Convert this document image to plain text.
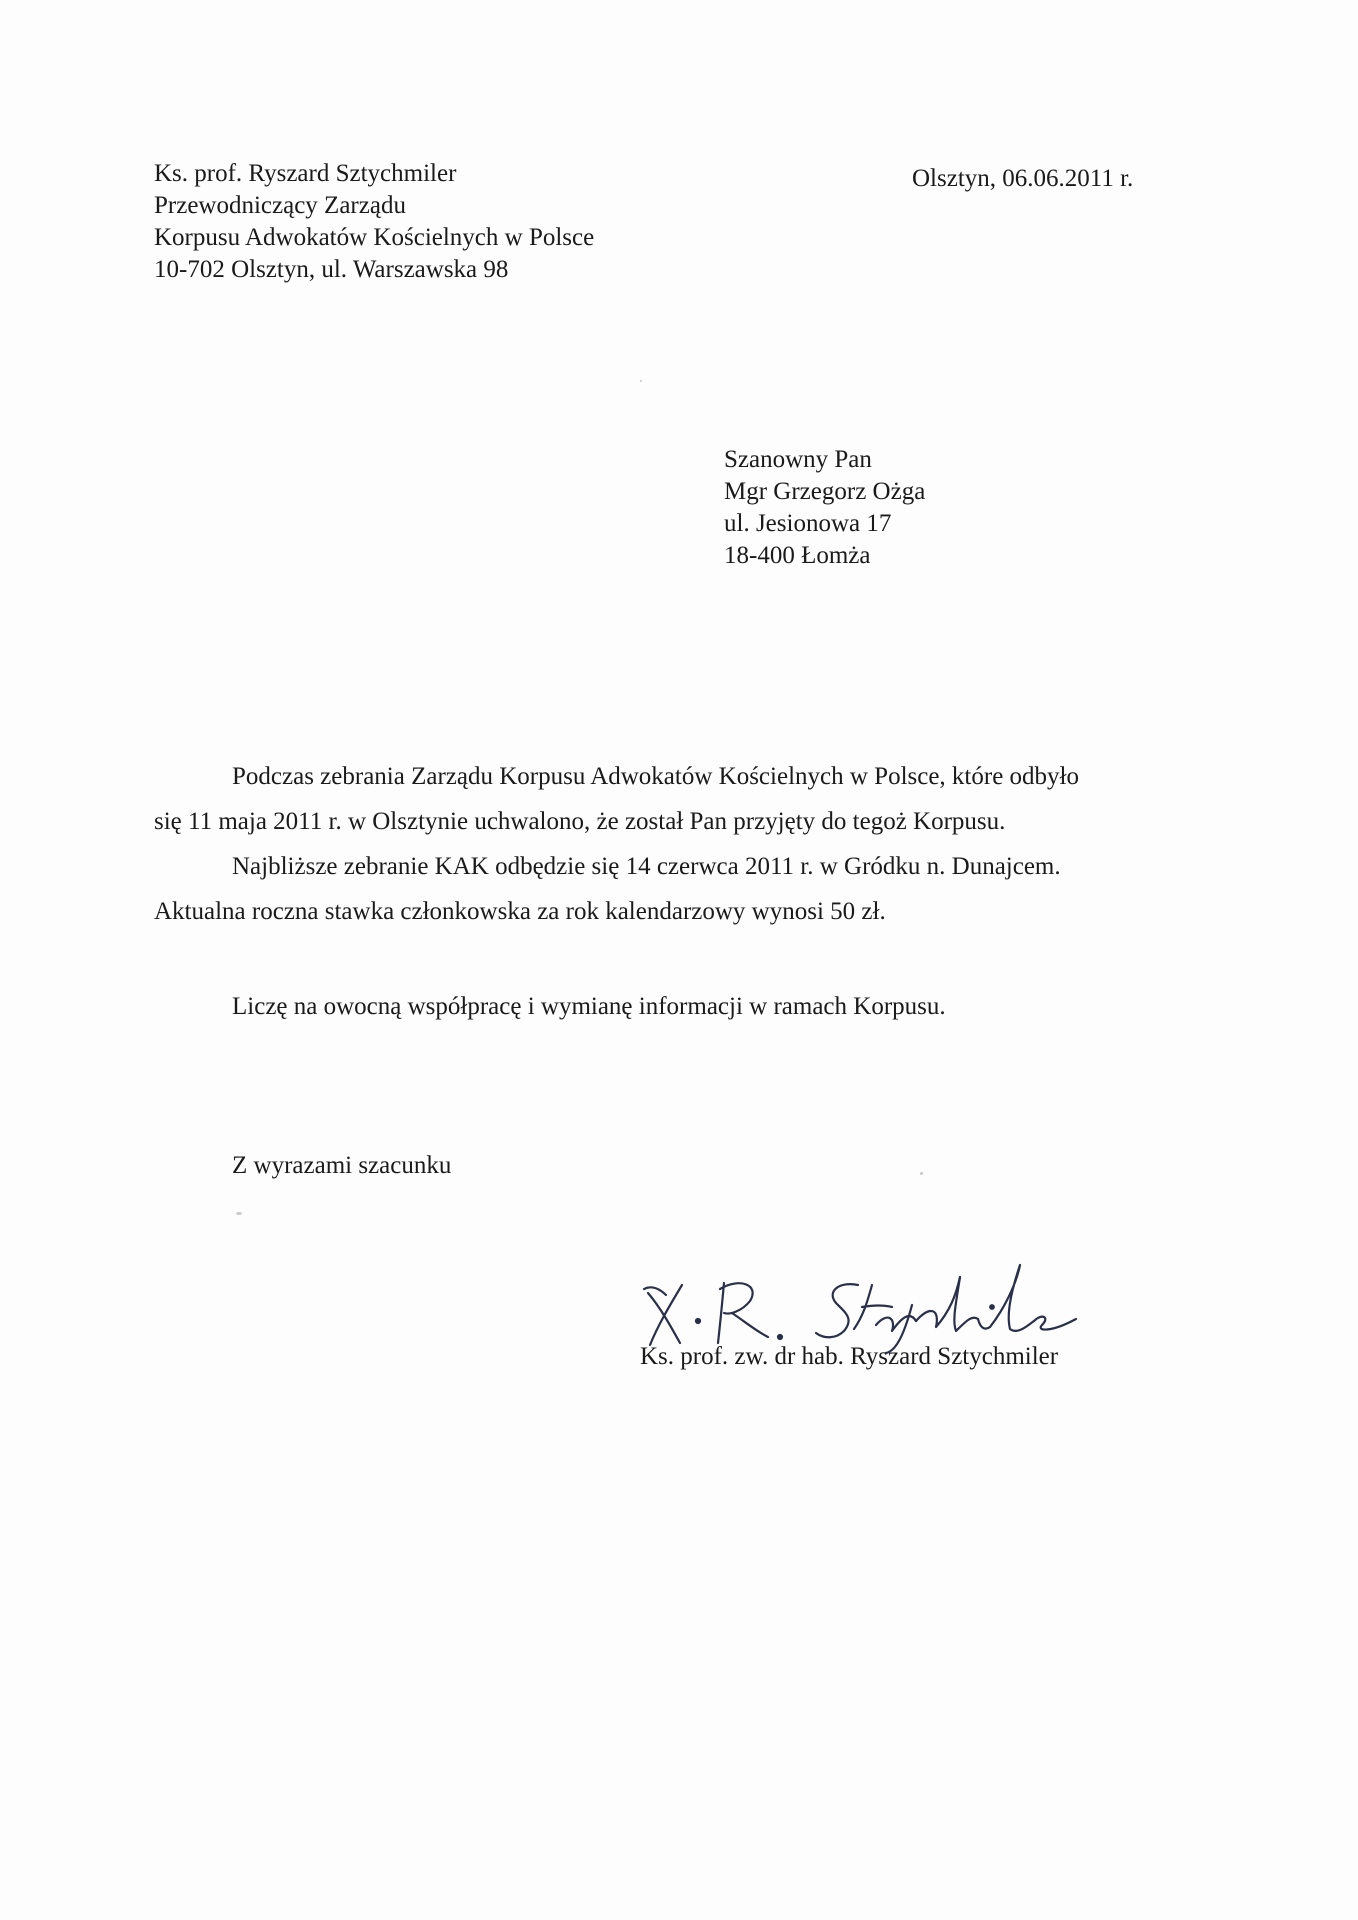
Ks. prof. Ryszard Sztychmiler
Przewodniczący Zarządu
Korpusu Adwokatów Kościelnych w Polsce
10-702 Olsztyn, ul. Warszawska 98
Olsztyn, 06.06.2011 r.
Szanowny Pan
Mgr Grzegorz Ożga
ul. Jesionowa 17
18-400 Łomża
Podczas zebrania Zarządu Korpusu Adwokatów Kościelnych w Polsce, które odbyło
się 11 maja 2011 r. w Olsztynie uchwalono, że został Pan przyjęty do tegoż Korpusu.
Najbliższe zebranie KAK odbędzie się 14 czerwca 2011 r. w Gródku n. Dunajcem.
Aktualna roczna stawka członkowska za rok kalendarzowy wynosi 50 zł.
Liczę na owocną współpracę i wymianę informacji w ramach Korpusu.
Z wyrazami szacunku
Ks. prof. zw. dr hab. Ryszard Sztychmiler
